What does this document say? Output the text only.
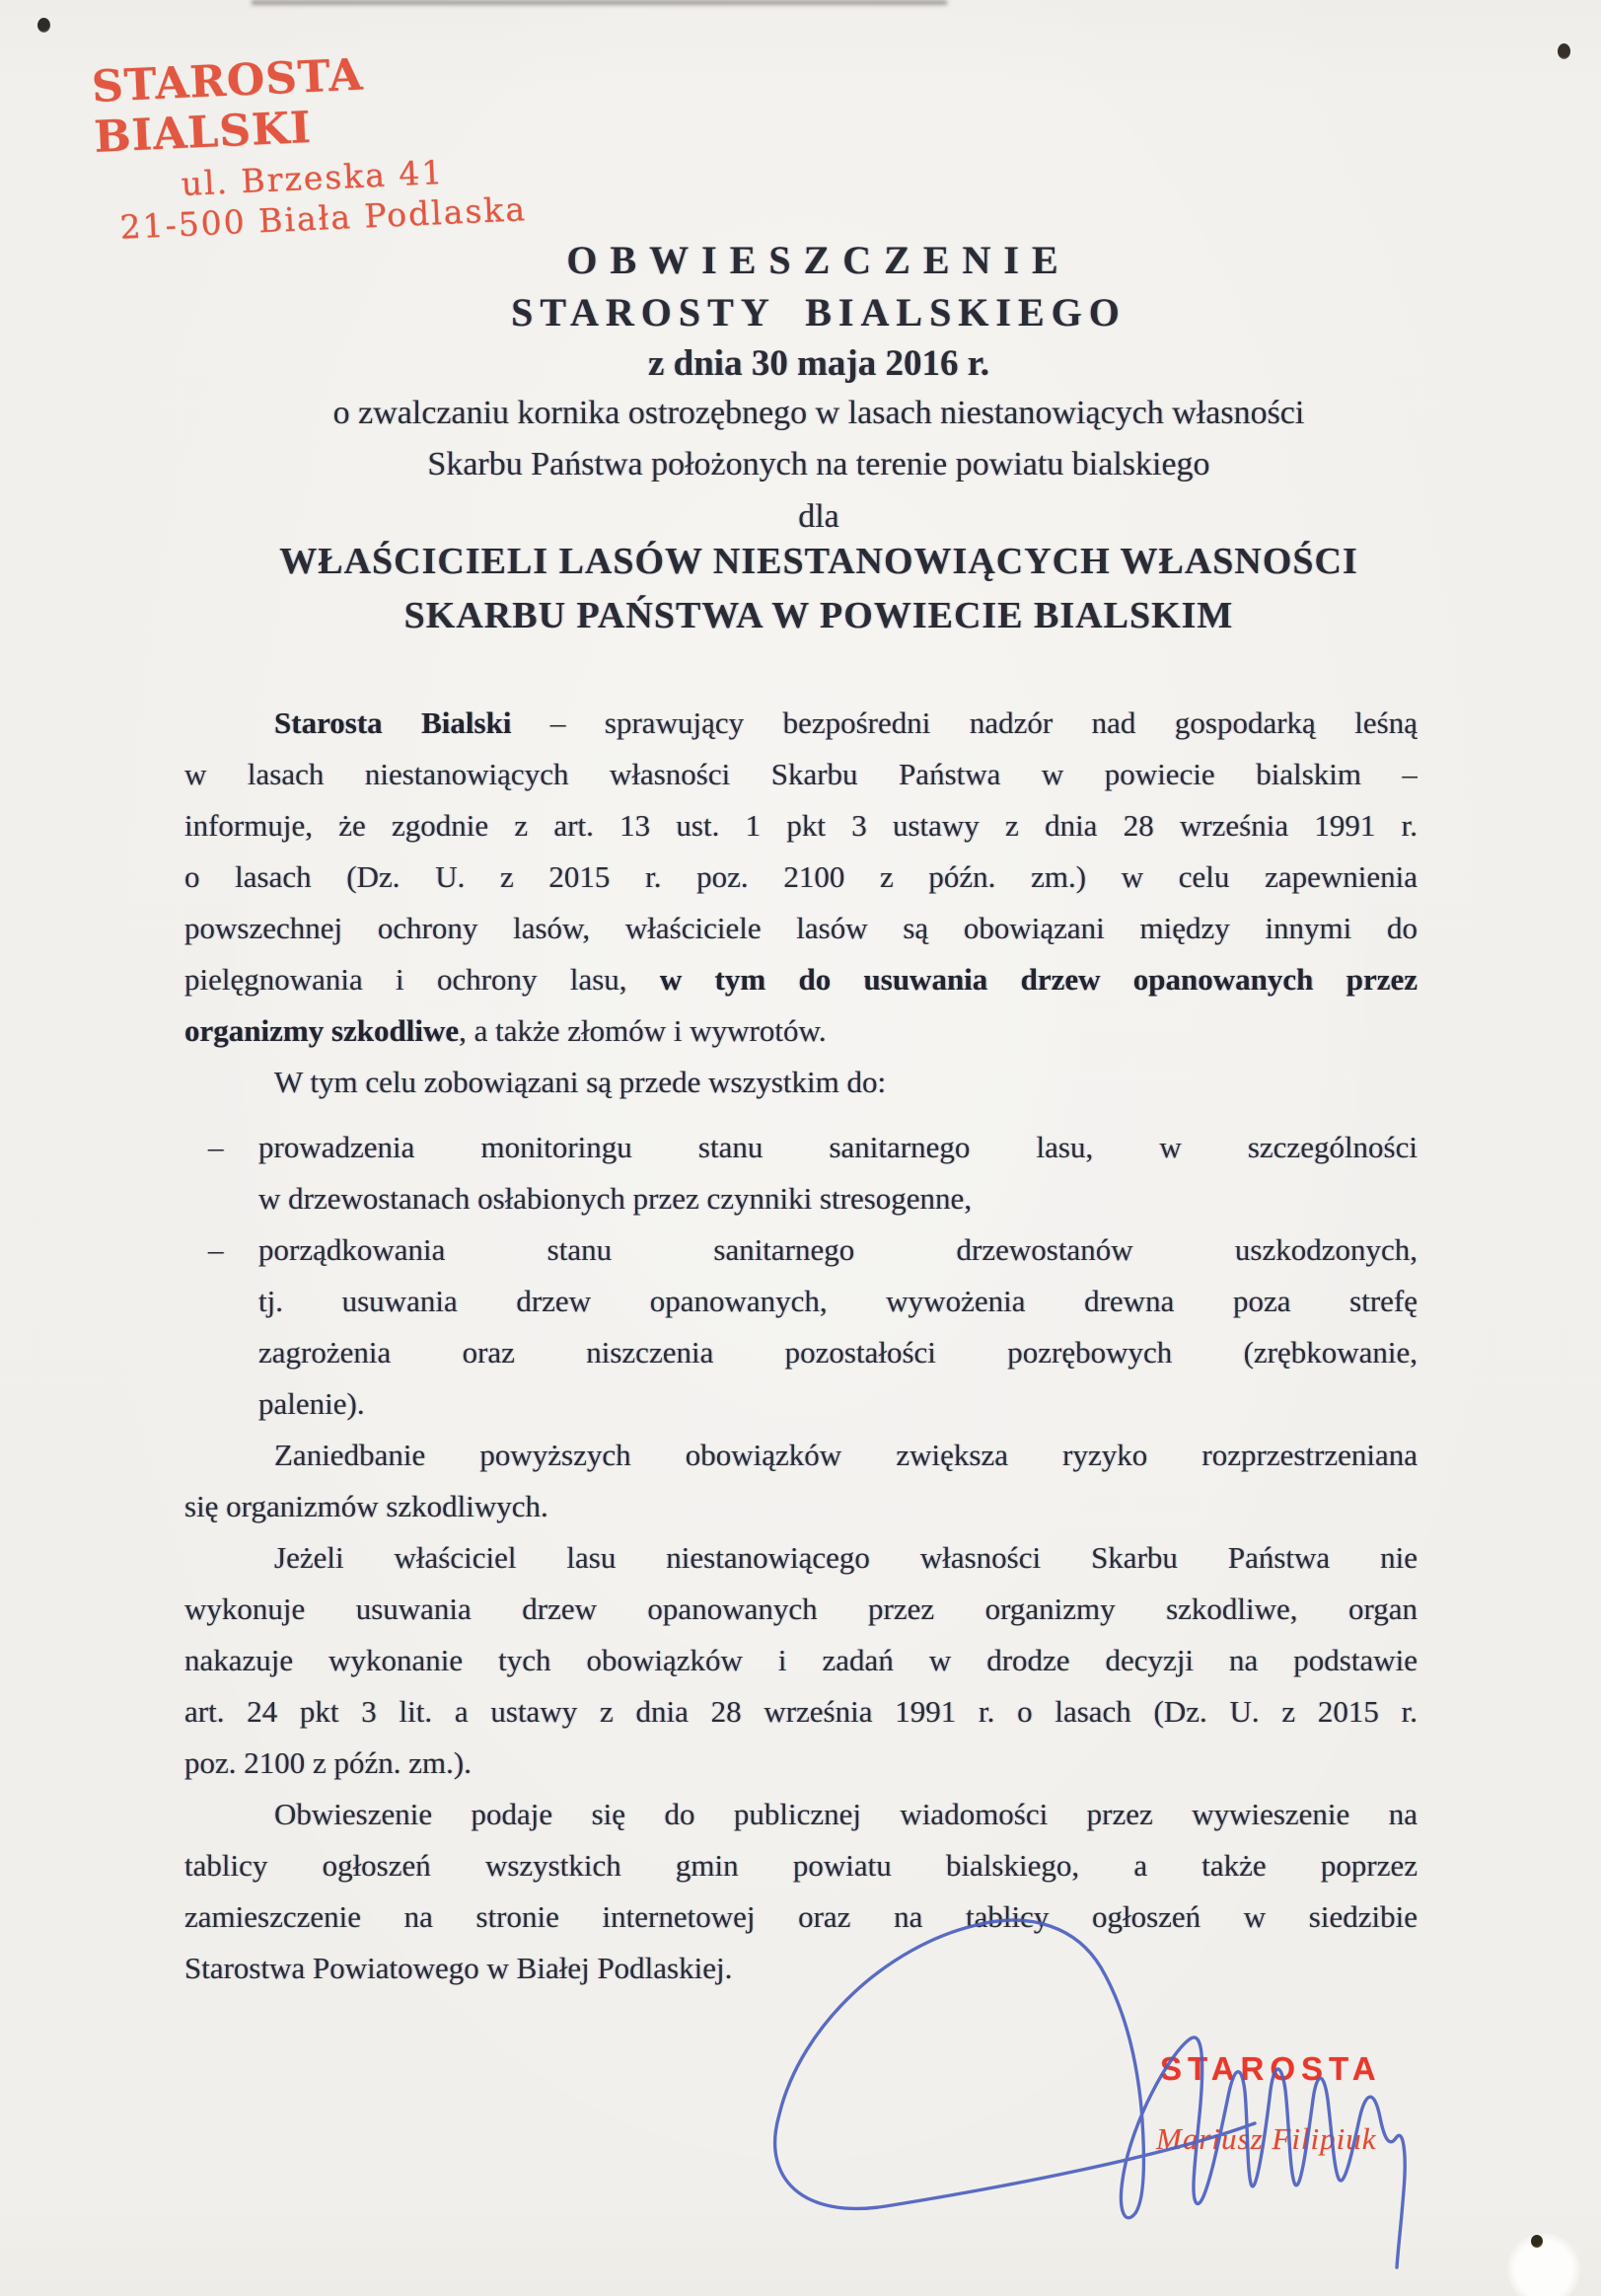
STAROSTA BIALSKI
ul. Brzeska 41
21-500 Biała Podlaska
OBWIESZCZENIE
STAROSTY BIALSKIEGO
z dnia 30 maja 2016 r.
o zwalczaniu kornika ostrozębnego w lasach niestanowiących własności
Skarbu Państwa położonych na terenie powiatu bialskiego
dla
WŁAŚCICIELI LASÓW NIESTANOWIĄCYCH WŁASNOŚCI
SKARBU PAŃSTWA W POWIECIE BIALSKIM
Starosta Bialski – sprawujący bezpośredni nadzór nad gospodarką leśną
w lasach niestanowiących własności Skarbu Państwa w powiecie bialskim –
informuje, że zgodnie z art. 13 ust. 1 pkt 3 ustawy z dnia 28 września 1991 r.
o lasach (Dz. U. z 2015 r. poz. 2100 z późn. zm.) w celu zapewnienia
powszechnej ochrony lasów, właściciele lasów są obowiązani między innymi do
pielęgnowania i ochrony lasu, w tym do usuwania drzew opanowanych przez
organizmy szkodliwe, a także złomów i wywrotów.
W tym celu zobowiązani są przede wszystkim do:
– prowadzenia monitoringu stanu sanitarnego lasu, w szczególności
w drzewostanach osłabionych przez czynniki stresogenne,
– porządkowania stanu sanitarnego drzewostanów uszkodzonych,
tj. usuwania drzew opanowanych, wywożenia drewna poza strefę
zagrożenia oraz niszczenia pozostałości pozrębowych (zrębkowanie,
palenie).
Zaniedbanie powyższych obowiązków zwiększa ryzyko rozprzestrzeniana
się organizmów szkodliwych.
Jeżeli właściciel lasu niestanowiącego własności Skarbu Państwa nie
wykonuje usuwania drzew opanowanych przez organizmy szkodliwe, organ
nakazuje wykonanie tych obowiązków i zadań w drodze decyzji na podstawie
art. 24 pkt 3 lit. a ustawy z dnia 28 września 1991 r. o lasach (Dz. U. z 2015 r.
poz. 2100 z późn. zm.).
Obwieszenie podaje się do publicznej wiadomości przez wywieszenie na
tablicy ogłoszeń wszystkich gmin powiatu bialskiego, a także poprzez
zamieszczenie na stronie internetowej oraz na tablicy ogłoszeń w siedzibie
Starostwa Powiatowego w Białej Podlaskiej.
STAROSTA
Mariusz Filipiuk
